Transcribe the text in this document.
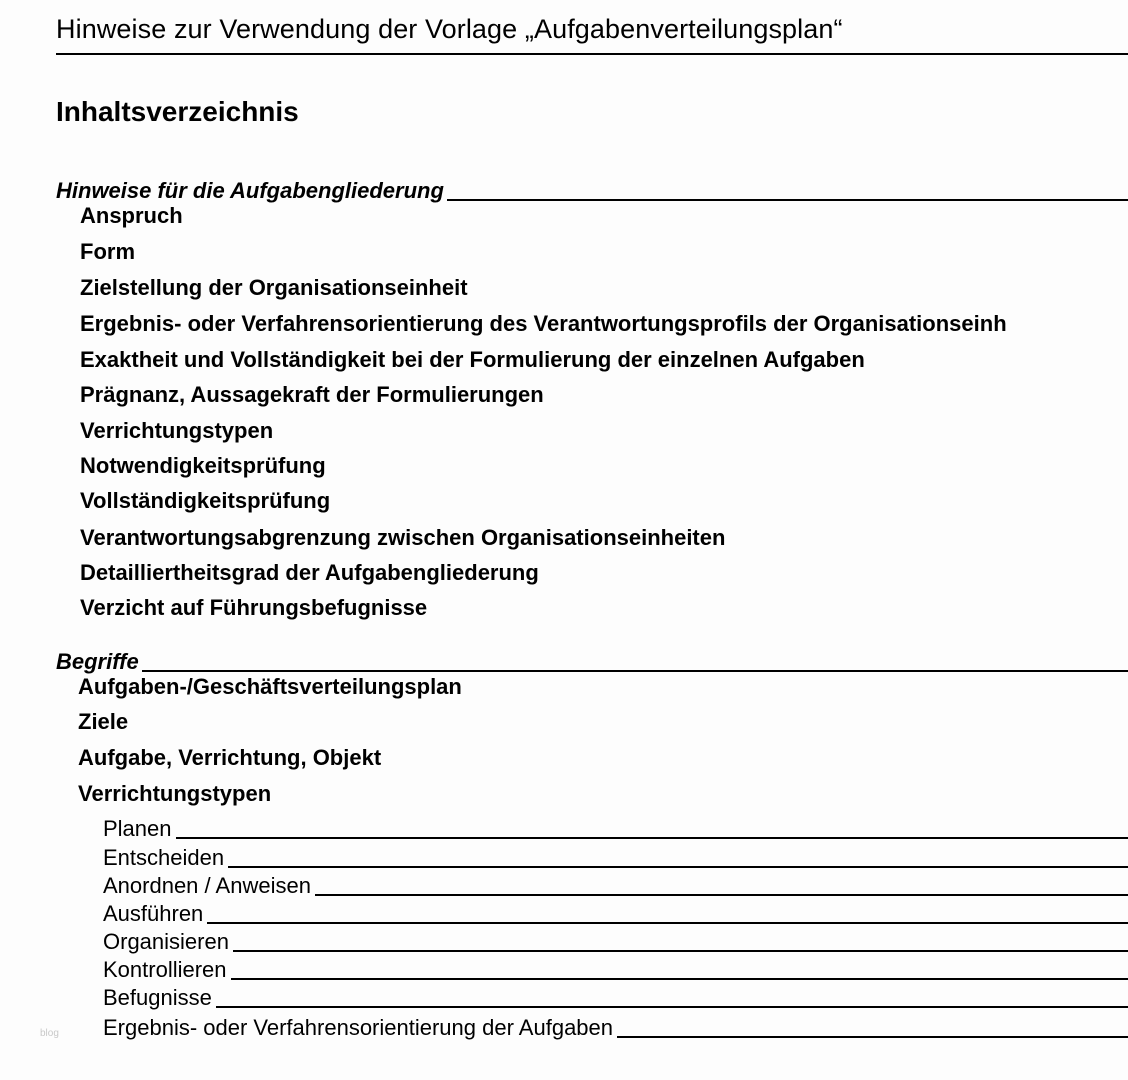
Hinweise zur Verwendung der Vorlage „Aufgabenverteilungsplan“
Inhaltsverzeichnis
Hinweise für die Aufgabengliederung
Anspruch
Form
Zielstellung der Organisationseinheit
Ergebnis- oder Verfahrensorientierung des Verantwortungsprofils der Organisationseinh
Exaktheit und Vollständigkeit bei der Formulierung der einzelnen Aufgaben
Prägnanz, Aussagekraft der Formulierungen
Verrichtungstypen
Notwendigkeitsprüfung
Vollständigkeitsprüfung
Verantwortungsabgrenzung zwischen Organisationseinheiten
Detailliertheitsgrad der Aufgabengliederung
Verzicht auf Führungsbefugnisse
Begriffe
Aufgaben-/Geschäftsverteilungsplan
Ziele
Aufgabe, Verrichtung, Objekt
Verrichtungstypen
Planen
Entscheiden
Anordnen / Anweisen
Ausführen
Organisieren
Kontrollieren
Befugnisse
Ergebnis- oder Verfahrensorientierung der Aufgaben
blog
